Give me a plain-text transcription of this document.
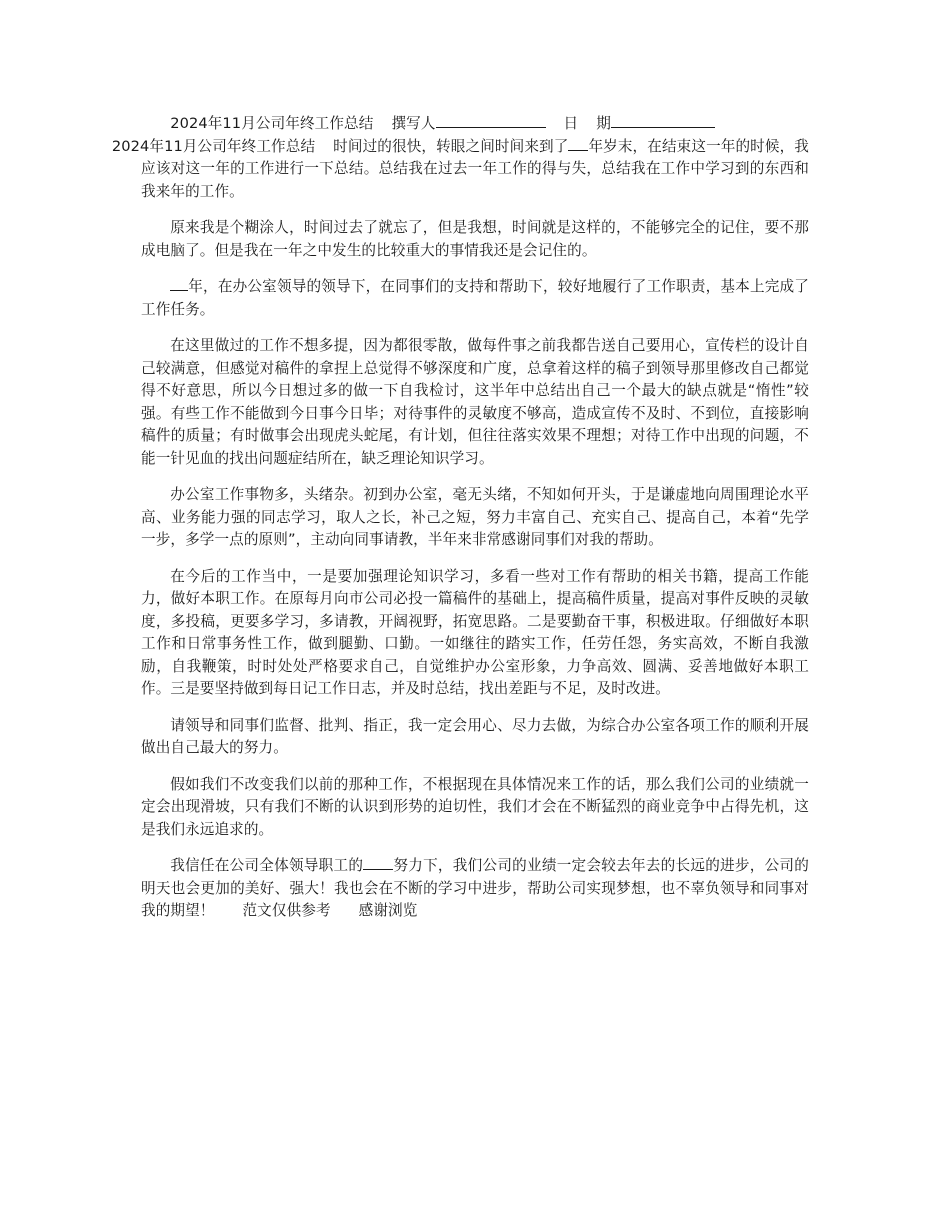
2024年11月公司年终工作总结 撰写人	日 期
2024年11月公司年终工作总结 时间过的很快，转眼之间时间来到了 年岁末，在结束这一年的时候，我应该对这一年的工作进行一下总结。总结我在过去一年工作的得与失，总结我在工作中学习到的东西和我来年的工作。

原来我是个糊涂人，时间过去了就忘了，但是我想，时间就是这样的，不能够完全的记住，要不那成电脑了。但是我在一年之中发生的比较重大的事情我还是会记住的。

年，在办公室领导的领导下，在同事们的支持和帮助下，较好地履行了工作职责，基本上完成了工作任务。

在这里做过的工作不想多提，因为都很零散，做每件事之前我都告送自己要用心，宣传栏的设计自己较满意，但感觉对稿件的拿捏上总觉得不够深度和广度，总拿着这样的稿子到领导那里修改自己都觉得不好意思，所以今日想过多的做一下自我检讨，这半年中总结出自己一个最大的缺点就是“惰性”较强。有些工作不能做到今日事今日毕；对待事件的灵敏度不够高，造成宣传不及时、不到位，直接影响稿件的质量；有时做事会出现虎头蛇尾，有计划，但往往落实效果不理想；对待工作中出现的问题，不能一针见血的找出问题症结所在，缺乏理论知识学习。

办公室工作事物多，头绪杂。初到办公室，毫无头绪，不知如何开头，于是谦虚地向周围理论水平高、业务能力强的同志学习，取人之长，补己之短，努力丰富自己、充实自己、提高自己，本着“先学一步，多学一点的原则”，主动向同事请教，半年来非常感谢同事们对我的帮助。

在今后的工作当中，一是要加强理论知识学习，多看一些对工作有帮助的相关书籍，提高工作能力，做好本职工作。在原每月向市公司必投一篇稿件的基础上，提高稿件质量，提高对事件反映的灵敏度，多投稿，更要多学习，多请教，开阔视野，拓宽思路。二是要勤奋干事，积极进取。仔细做好本职工作和日常事务性工作，做到腿勤、口勤。一如继往的踏实工作，任劳任怨，务实高效，不断自我激励，自我鞭策，时时处处严格要求自己，自觉维护办公室形象，力争高效、圆满、妥善地做好本职工作。三是要坚持做到每日记工作日志，并及时总结，找出差距与不足，及时改进。

请领导和同事们监督、批判、指正，我一定会用心、尽力去做，为综合办公室各项工作的顺利开展做出自己最大的努力。

假如我们不改变我们以前的那种工作，不根据现在具体情况来工作的话，那么我们公司的业绩就一定会出现滑坡，只有我们不断的认识到形势的迫切性，我们才会在不断猛烈的商业竞争中占得先机，这是我们永远追求的。

我信任在公司全体领导职工的 努力下，我们公司的业绩一定会较去年去的长远的进步，公司的明天也会更加的美好、强大！我也会在不断的学习中进步，帮助公司实现梦想，也不辜负领导和同事对我的期望！ 范文仅供参考 感谢浏览
